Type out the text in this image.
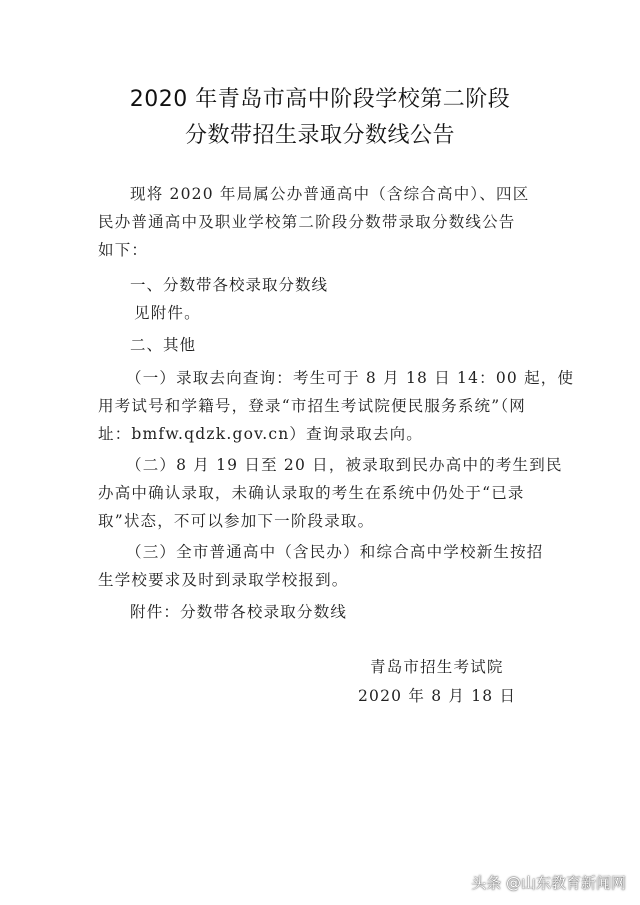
2020 年青岛市高中阶段学校第二阶段
分数带招生录取分数线公告
现将 2020 年局属公办普通高中（含综合高中）、四区
民办普通高中及职业学校第二阶段分数带录取分数线公告
如下：
一、分数带各校录取分数线
见附件。
二、其他
（一）录取去向查询：考生可于 8 月 18 日 14：00 起，使
用考试号和学籍号，登录“市招生考试院便民服务系统”（网
址：bmfw.qdzk.gov.cn）查询录取去向。
（二）8 月 19 日至 20 日，被录取到民办高中的考生到民
办高中确认录取，未确认录取的考生在系统中仍处于“已录
取”状态，不可以参加下一阶段录取。
（三）全市普通高中（含民办）和综合高中学校新生按招
生学校要求及时到录取学校报到。
附件：分数带各校录取分数线
青岛市招生考试院
2020 年 8 月 18 日
头条 @山东教育新闻网
